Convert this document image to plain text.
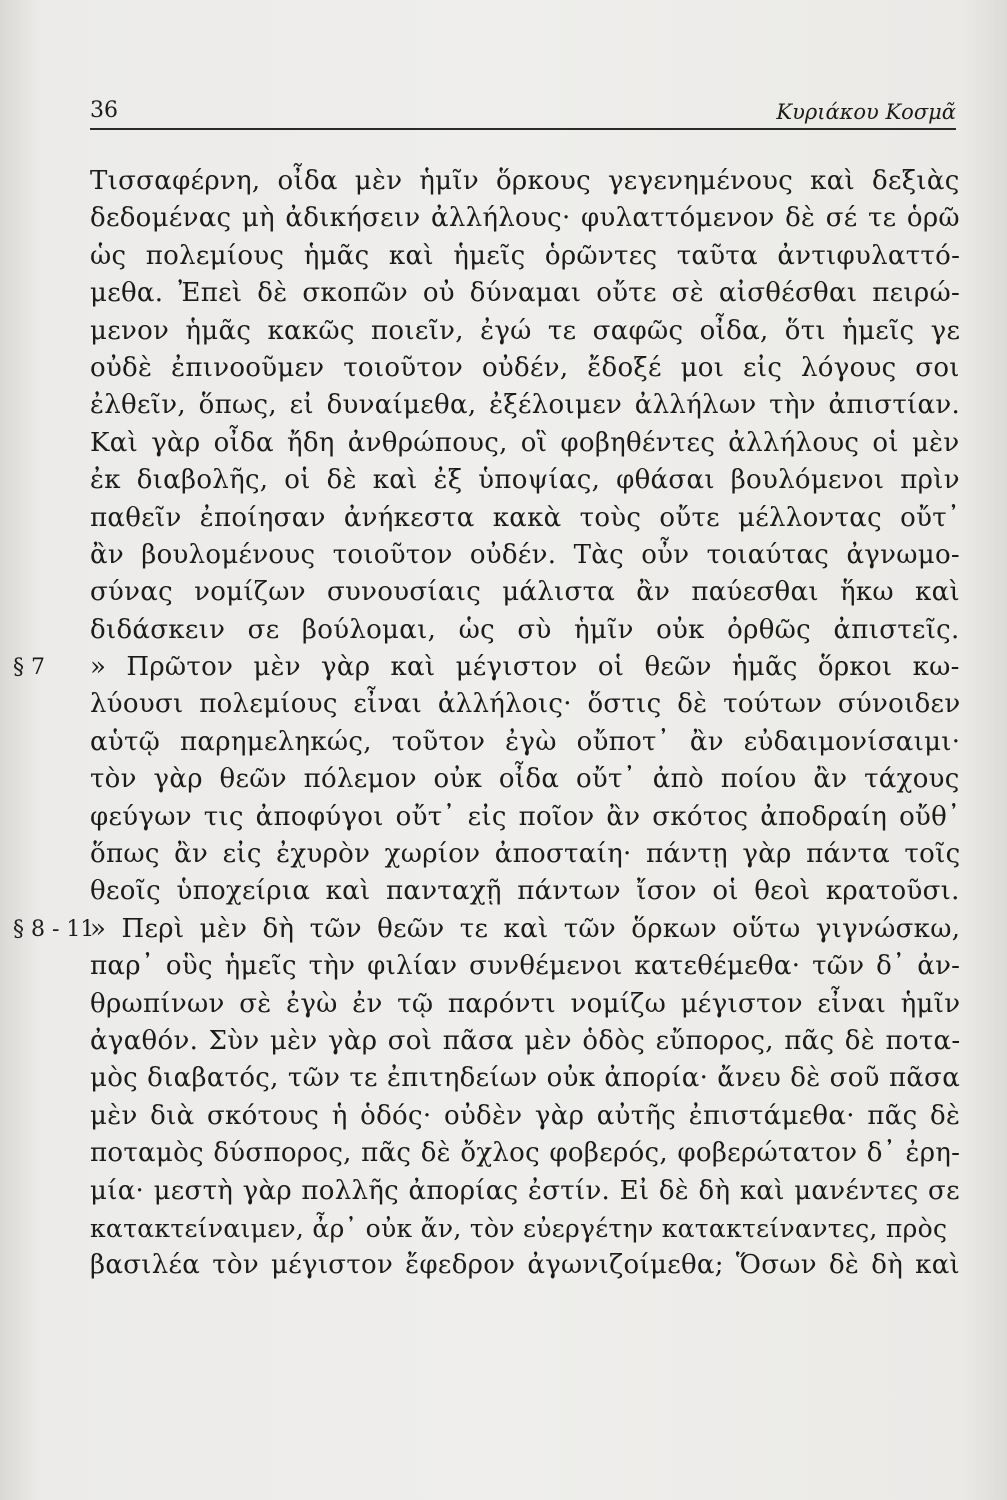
36	Κυριάκου Κοσμᾶ
Τισσαφέρνη, οἶδα μὲν ἡμῖν ὅρκους γεγενημένους καὶ δεξιὰς
δεδομένας μὴ ἀδικήσειν ἀλλήλους· φυλαττόμενον δὲ σέ τε ὁρῶ
ὡς πολεμίους ἡμᾶς καὶ ἡμεῖς ὁρῶντες ταῦτα ἀντιφυλαττό-
μεθα. Ἐπεὶ δὲ σκοπῶν οὐ δύναμαι οὔτε σὲ αἰσθέσθαι πειρώ-
μενον ἡμᾶς κακῶς ποιεῖν, ἐγώ τε σαφῶς οἶδα, ὅτι ἡμεῖς γε
οὐδὲ ἐπινοοῦμεν τοιοῦτον οὐδέν, ἔδοξέ μοι εἰς λόγους σοι
ἐλθεῖν, ὅπως, εἰ δυναίμεθα, ἐξέλοιμεν ἀλλήλων τὴν ἀπιστίαν.
Καὶ γὰρ οἶδα ἤδη ἀνθρώπους, οἳ φοβηθέντες ἀλλήλους οἱ μὲν
ἐκ διαβολῆς, οἱ δὲ καὶ ἐξ ὑποψίας, φθάσαι βουλόμενοι πρὶν
παθεῖν ἐποίησαν ἀνήκεστα κακὰ τοὺς οὔτε μέλλοντας οὔτ᾽
ἂν βουλομένους τοιοῦτον οὐδέν. Τὰς οὖν τοιαύτας ἀγνωμο-
σύνας νομίζων συνουσίαις μάλιστα ἂν παύεσθαι ἥκω καὶ
διδάσκειν σε βούλομαι, ὡς σὺ ἡμῖν οὐκ ὀρθῶς ἀπιστεῖς.
§ 7 » Πρῶτον μὲν γὰρ καὶ μέγιστον οἱ θεῶν ἡμᾶς ὅρκοι κω-
λύουσι πολεμίους εἶναι ἀλλήλοις· ὅστις δὲ τούτων σύνοιδεν
αὑτῷ παρημεληκώς, τοῦτον ἐγὼ οὔποτ᾽ ἂν εὐδαιμονίσαιμι·
τὸν γὰρ θεῶν πόλεμον οὐκ οἶδα οὔτ᾽ ἀπὸ ποίου ἂν τάχους
φεύγων τις ἀποφύγοι οὔτ᾽ εἰς ποῖον ἂν σκότος ἀποδραίη οὔθ᾽
ὅπως ἂν εἰς ἐχυρὸν χωρίον ἀποσταίη· πάντῃ γὰρ πάντα τοῖς
θεοῖς ὑποχείρια καὶ πανταχῇ πάντων ἴσον οἱ θεοὶ κρατοῦσι.
§ 8 - 11
» Περὶ μὲν δὴ τῶν θεῶν τε καὶ τῶν ὅρκων οὕτω γιγνώσκω,
παρ᾽ οὓς ἡμεῖς τὴν φιλίαν συνθέμενοι κατεθέμεθα· τῶν δ᾽ ἀν-
θρωπίνων σὲ ἐγὼ ἐν τῷ παρόντι νομίζω μέγιστον εἶναι ἡμῖν
ἀγαθόν. Σὺν μὲν γὰρ σοὶ πᾶσα μὲν ὁδὸς εὔπορος, πᾶς δὲ ποτα-
μὸς διαβατός, τῶν τε ἐπιτηδείων οὐκ ἀπορία· ἄνευ δὲ σοῦ πᾶσα
μὲν διὰ σκότους ἡ ὁδός· οὐδὲν γὰρ αὐτῆς ἐπιστάμεθα· πᾶς δὲ
ποταμὸς δύσπορος, πᾶς δὲ ὄχλος φοβερός, φοβερώτατον δ᾽ ἐρη-
μία· μεστὴ γὰρ πολλῆς ἀπορίας ἐστίν. Εἰ δὲ δὴ καὶ μανέντες σε
κατακτείναιμεν, ἆρ᾽ οὐκ ἄν, τὸν εὐεργέτην κατακτείναντες, πρὸς
βασιλέα τὸν μέγιστον ἔφεδρον ἀγωνιζοίμεθα; Ὅσων δὲ δὴ καὶ
